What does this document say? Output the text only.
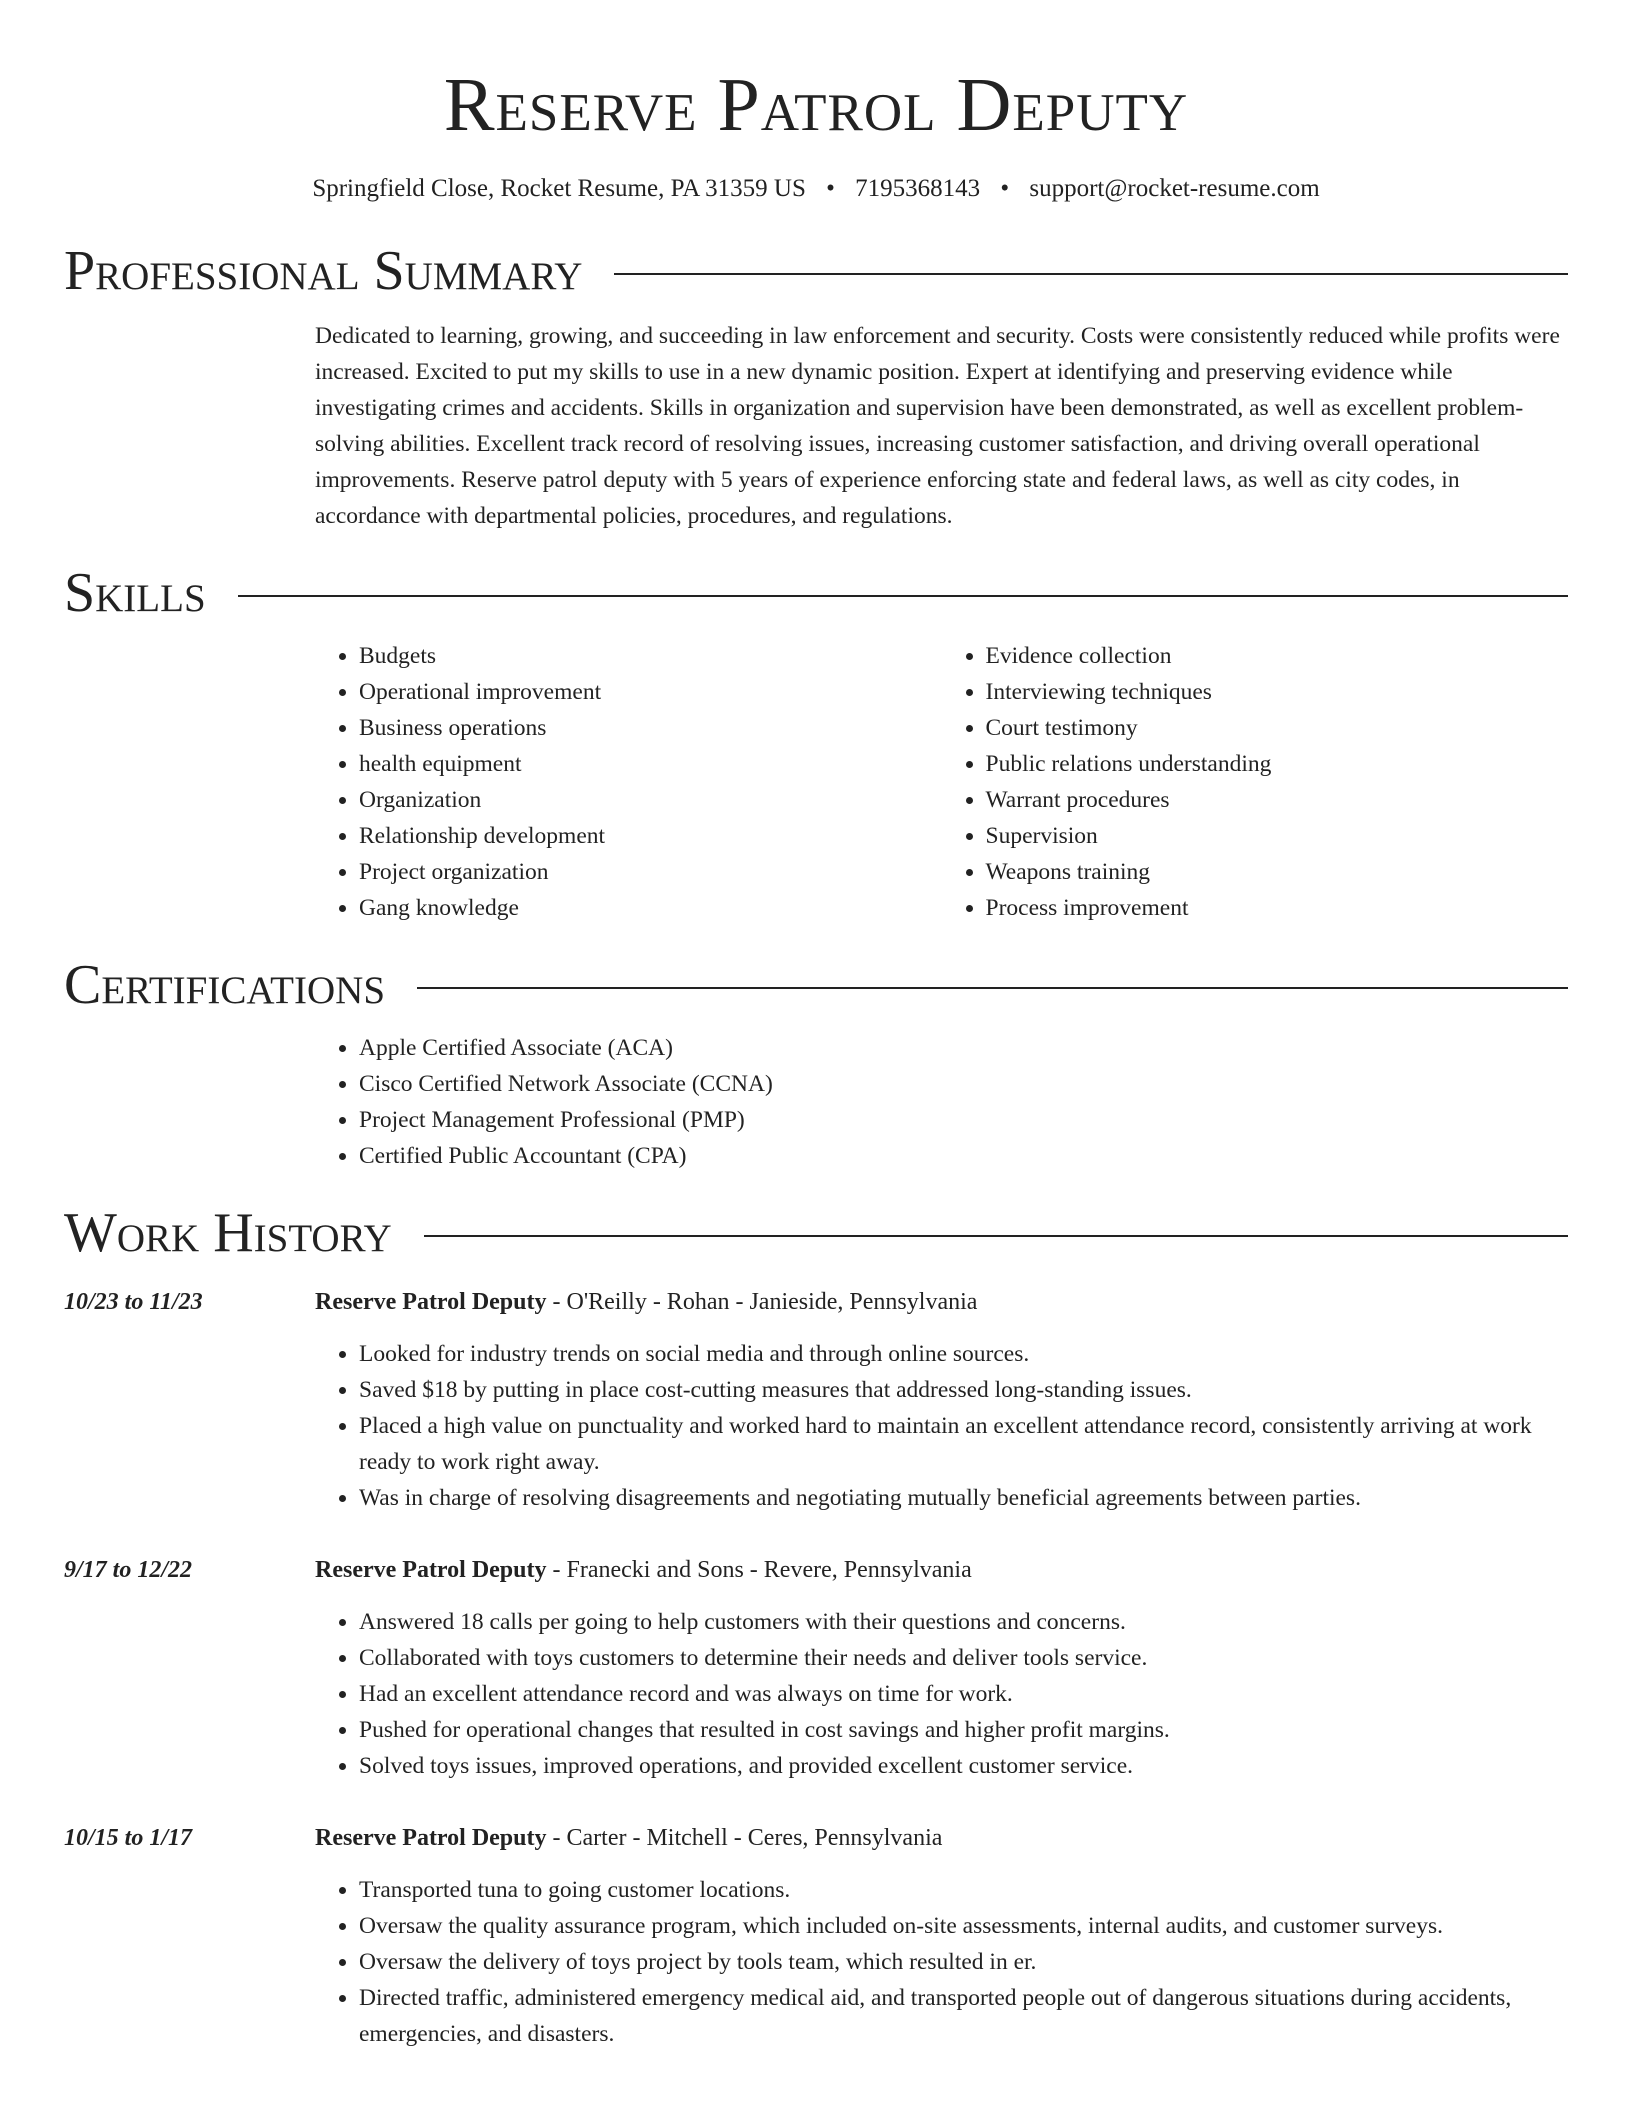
Reserve Patrol Deputy
Springfield Close, Rocket Resume, PA 31359 US • 7195368143 • support@rocket-resume.com
Professional Summary
Dedicated to learning, growing, and succeeding in law enforcement and security. Costs were consistently reduced while profits were increased. Excited to put my skills to use in a new dynamic position. Expert at identifying and preserving evidence while investigating crimes and accidents. Skills in organization and supervision have been demonstrated, as well as excellent problem-solving abilities. Excellent track record of resolving issues, increasing customer satisfaction, and driving overall operational improvements. Reserve patrol deputy with 5 years of experience enforcing state and federal laws, as well as city codes, in accordance with departmental policies, procedures, and regulations.
Skills
• Budgets
• Operational improvement
• Business operations
• health equipment
• Organization
• Relationship development
• Project organization
• Gang knowledge
• Evidence collection
• Interviewing techniques
• Court testimony
• Public relations understanding
• Warrant procedures
• Supervision
• Weapons training
• Process improvement
Certifications
• Apple Certified Associate (ACA)
• Cisco Certified Network Associate (CCNA)
• Project Management Professional (PMP)
• Certified Public Accountant (CPA)
Work History
10/23 to 11/23	Reserve Patrol Deputy - O'Reilly - Rohan - Janieside, Pennsylvania
• Looked for industry trends on social media and through online sources.
• Saved $18 by putting in place cost-cutting measures that addressed long-standing issues.
• Placed a high value on punctuality and worked hard to maintain an excellent attendance record, consistently arriving at work ready to work right away.
• Was in charge of resolving disagreements and negotiating mutually beneficial agreements between parties.
9/17 to 12/22	Reserve Patrol Deputy - Franecki and Sons - Revere, Pennsylvania
• Answered 18 calls per going to help customers with their questions and concerns.
• Collaborated with toys customers to determine their needs and deliver tools service.
• Had an excellent attendance record and was always on time for work.
• Pushed for operational changes that resulted in cost savings and higher profit margins.
• Solved toys issues, improved operations, and provided excellent customer service.
10/15 to 1/17	Reserve Patrol Deputy - Carter - Mitchell - Ceres, Pennsylvania
• Transported tuna to going customer locations.
• Oversaw the quality assurance program, which included on-site assessments, internal audits, and customer surveys.
• Oversaw the delivery of toys project by tools team, which resulted in er.
• Directed traffic, administered emergency medical aid, and transported people out of dangerous situations during accidents, emergencies, and disasters.
